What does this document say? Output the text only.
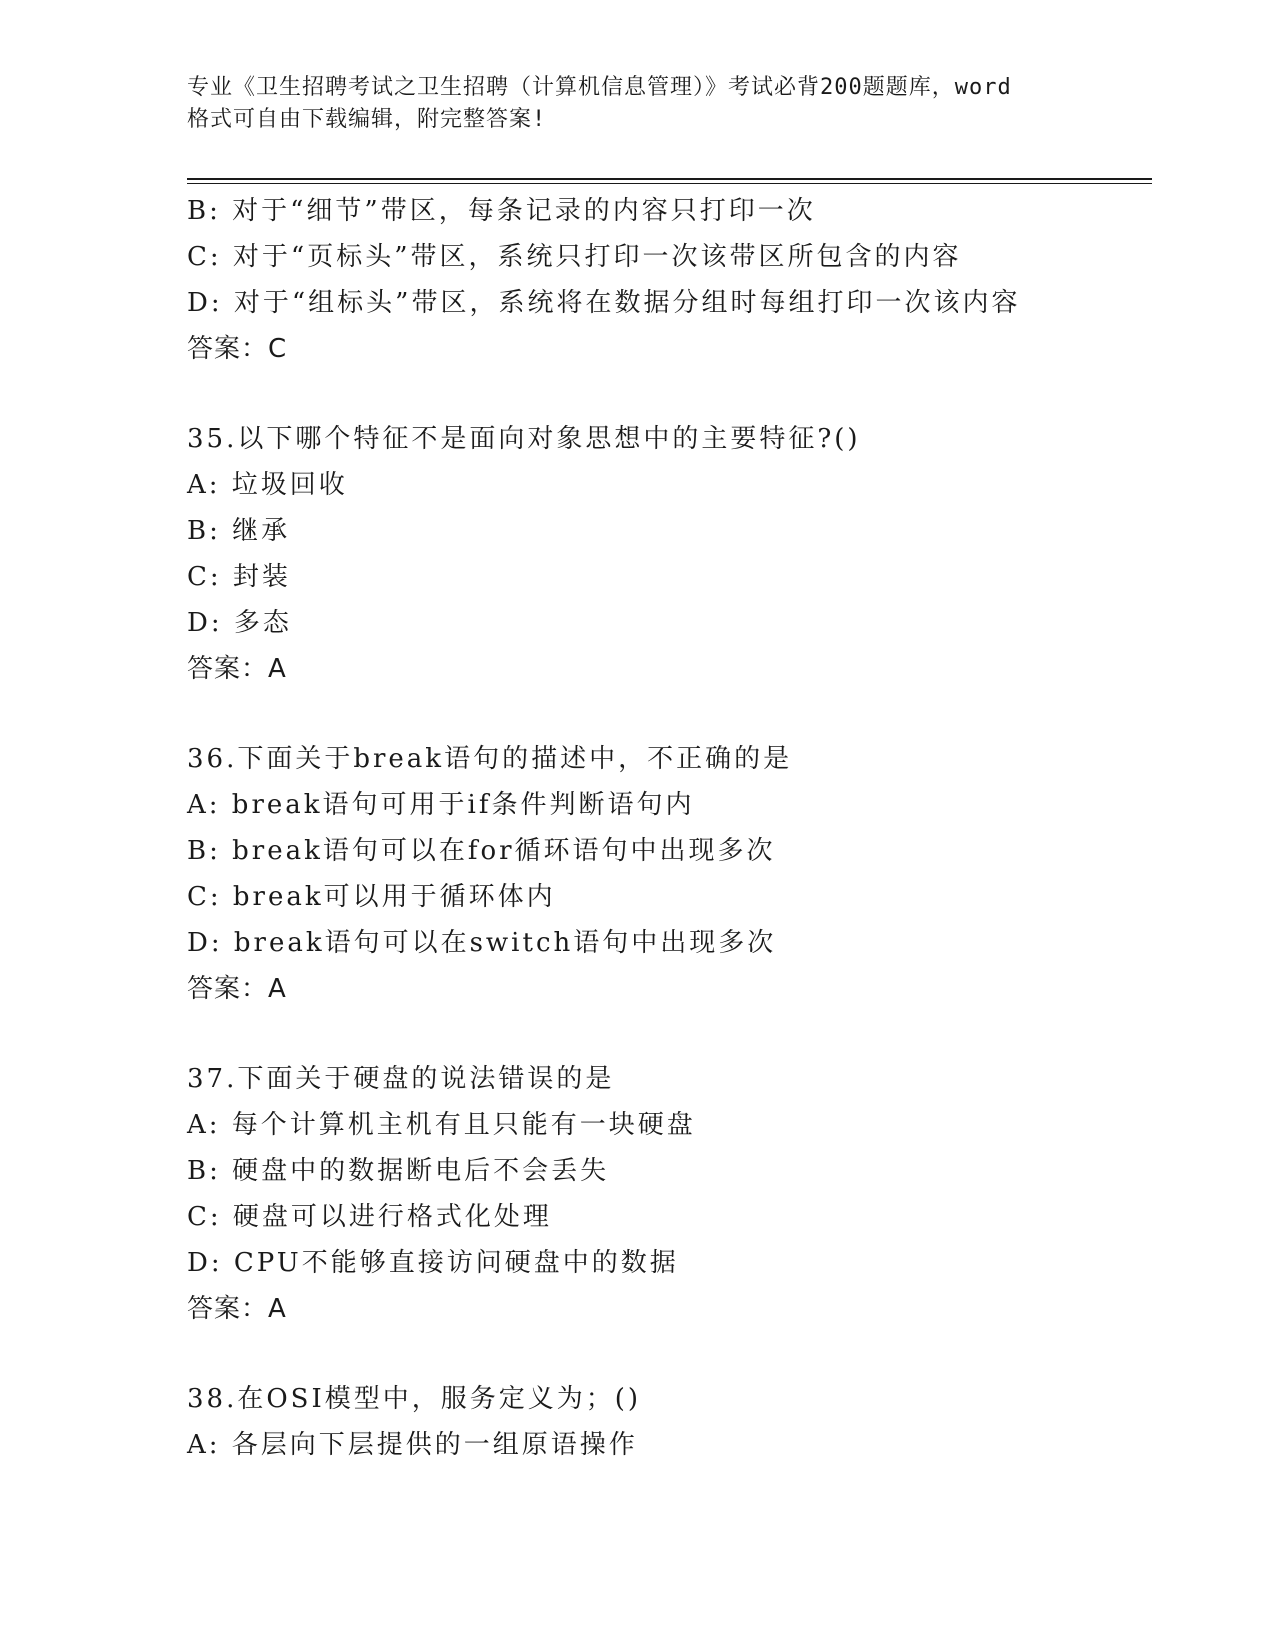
专业《卫生招聘考试之卫生招聘（计算机信息管理）》考试必背200题题库，word
格式可自由下载编辑，附完整答案!
B: 对于“细节”带区，每条记录的内容只打印一次
C: 对于“页标头”带区，系统只打印一次该带区所包含的内容
D: 对于“组标头”带区，系统将在数据分组时每组打印一次该内容
答案：C
35.以下哪个特征不是面向对象思想中的主要特征?()
A: 垃圾回收
B: 继承
C: 封装
D: 多态
答案：A
36.下面关于break语句的描述中，不正确的是
A: break语句可用于if条件判断语句内
B: break语句可以在for循环语句中出现多次
C: break可以用于循环体内
D: break语句可以在switch语句中出现多次
答案：A
37.下面关于硬盘的说法错误的是
A: 每个计算机主机有且只能有一块硬盘
B: 硬盘中的数据断电后不会丢失
C: 硬盘可以进行格式化处理
D: CPU不能够直接访问硬盘中的数据
答案：A
38.在OSI模型中，服务定义为；()
A: 各层向下层提供的一组原语操作
